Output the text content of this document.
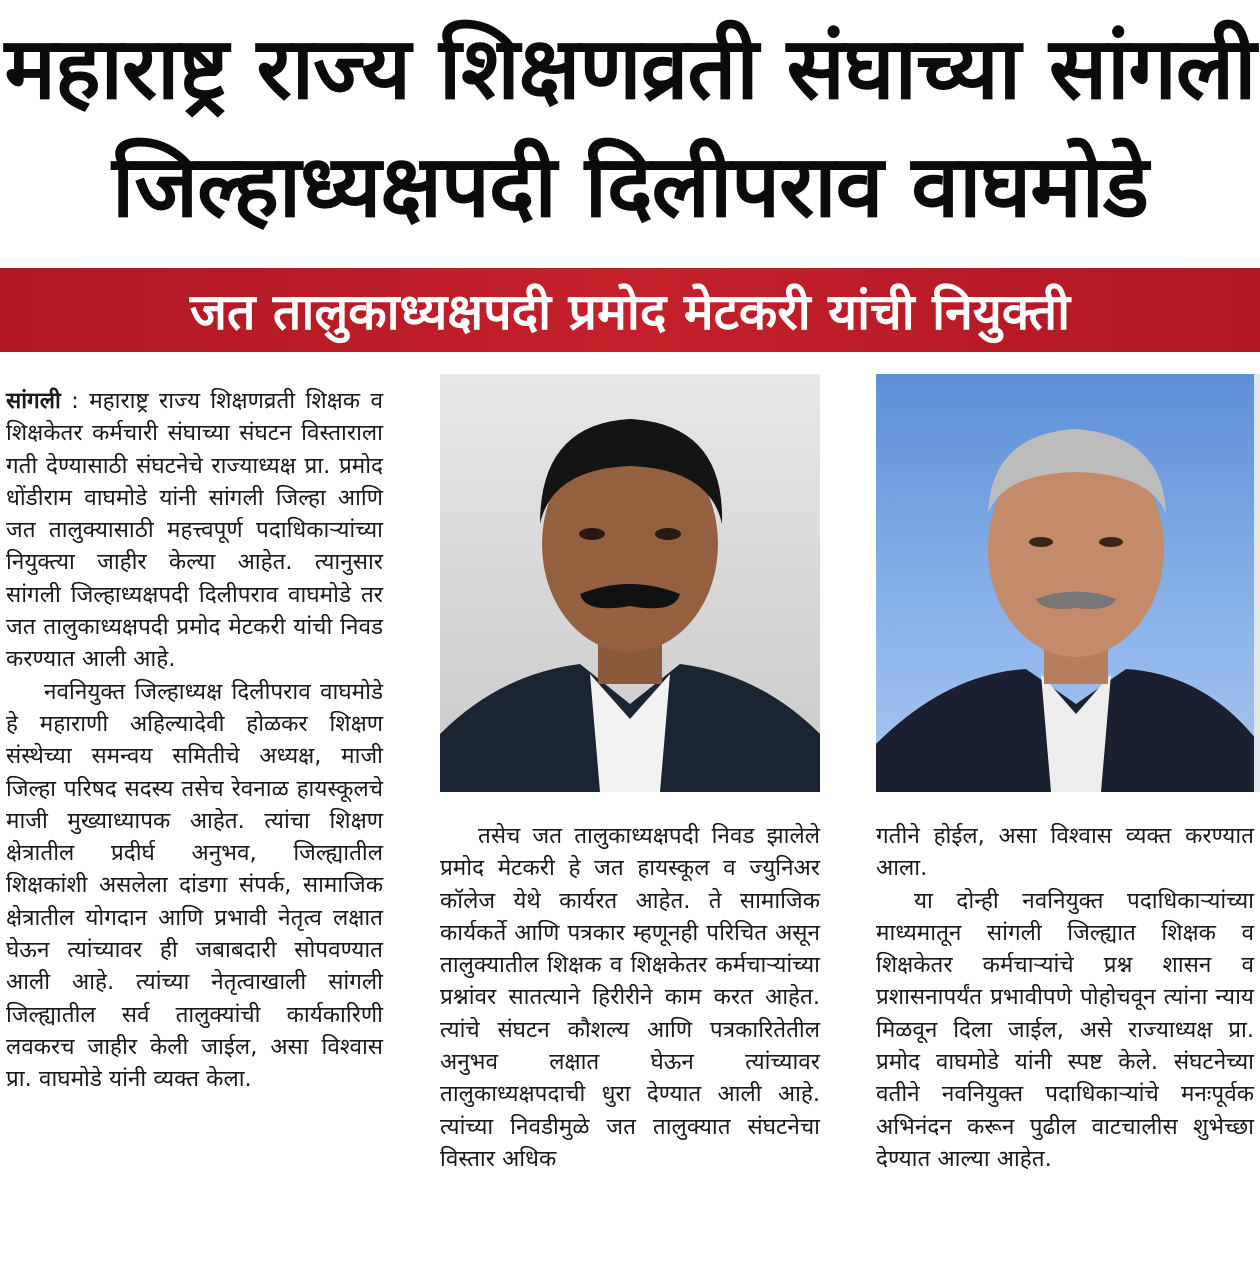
महाराष्ट्र राज्य शिक्षणव्रती संघाच्या सांगली
जिल्हाध्यक्षपदी दिलीपराव वाघमोडे
जत तालुकाध्यक्षपदी प्रमोद मेटकरी यांची नियुक्ती

सांगली : महाराष्ट्र राज्य शिक्षणव्रती शिक्षक व शिक्षकेतर कर्मचारी संघाच्या संघटन विस्ताराला गती देण्यासाठी संघटनेचे राज्याध्यक्ष प्रा. प्रमोद धोंडीराम वाघमोडे यांनी सांगली जिल्हा आणि जत तालुक्यासाठी महत्त्वपूर्ण पदाधिकाऱ्यांच्या नियुक्त्या जाहीर केल्या आहेत. त्यानुसार सांगली जिल्हाध्यक्षपदी दिलीपराव वाघमोडे तर जत तालुकाध्यक्षपदी प्रमोद मेटकरी यांची निवड करण्यात आली आहे.

नवनियुक्त जिल्हाध्यक्ष दिलीपराव वाघमोडे हे महाराणी अहिल्यादेवी होळकर शिक्षण संस्थेच्या समन्वय समितीचे अध्यक्ष, माजी जिल्हा परिषद सदस्य तसेच रेवनाळ हायस्कूलचे माजी मुख्याध्यापक आहेत. त्यांचा शिक्षण क्षेत्रातील प्रदीर्घ अनुभव, जिल्ह्यातील शिक्षकांशी असलेला दांडगा संपर्क, सामाजिक क्षेत्रातील योगदान आणि प्रभावी नेतृत्व लक्षात घेऊन त्यांच्यावर ही जबाबदारी सोपवण्यात आली आहे. त्यांच्या नेतृत्वाखाली सांगली जिल्ह्यातील सर्व तालुक्यांची कार्यकारिणी लवकरच जाहीर केली जाईल, असा विश्वास प्रा. वाघमोडे यांनी व्यक्त केला.

तसेच जत तालुकाध्यक्षपदी निवड झालेले प्रमोद मेटकरी हे जत हायस्कूल व ज्युनिअर कॉलेज येथे कार्यरत आहेत. ते सामाजिक कार्यकर्ते आणि पत्रकार म्हणूनही परिचित असून तालुक्यातील शिक्षक व शिक्षकेतर कर्मचाऱ्यांच्या प्रश्नांवर सातत्याने हिरीरीने काम करत आहेत. त्यांचे संघटन कौशल्य आणि पत्रकारितेतील अनुभव लक्षात घेऊन त्यांच्यावर तालुकाध्यक्षपदाची धुरा देण्यात आली आहे. त्यांच्या निवडीमुळे जत तालुक्यात संघटनेचा विस्तार अधिक

गतीने होईल, असा विश्वास व्यक्त करण्यात आला.

या दोन्ही नवनियुक्त पदाधिकाऱ्यांच्या माध्यमातून सांगली जिल्ह्यात शिक्षक व शिक्षकेतर कर्मचाऱ्यांचे प्रश्न शासन व प्रशासनापर्यंत प्रभावीपणे पोहोचवून त्यांना न्याय मिळवून दिला जाईल, असे राज्याध्यक्ष प्रा. प्रमोद वाघमोडे यांनी स्पष्ट केले. संघटनेच्या वतीने नवनियुक्त पदाधिकाऱ्यांचे मनःपूर्वक अभिनंदन करून पुढील वाटचालीस शुभेच्छा देण्यात आल्या आहेत.
